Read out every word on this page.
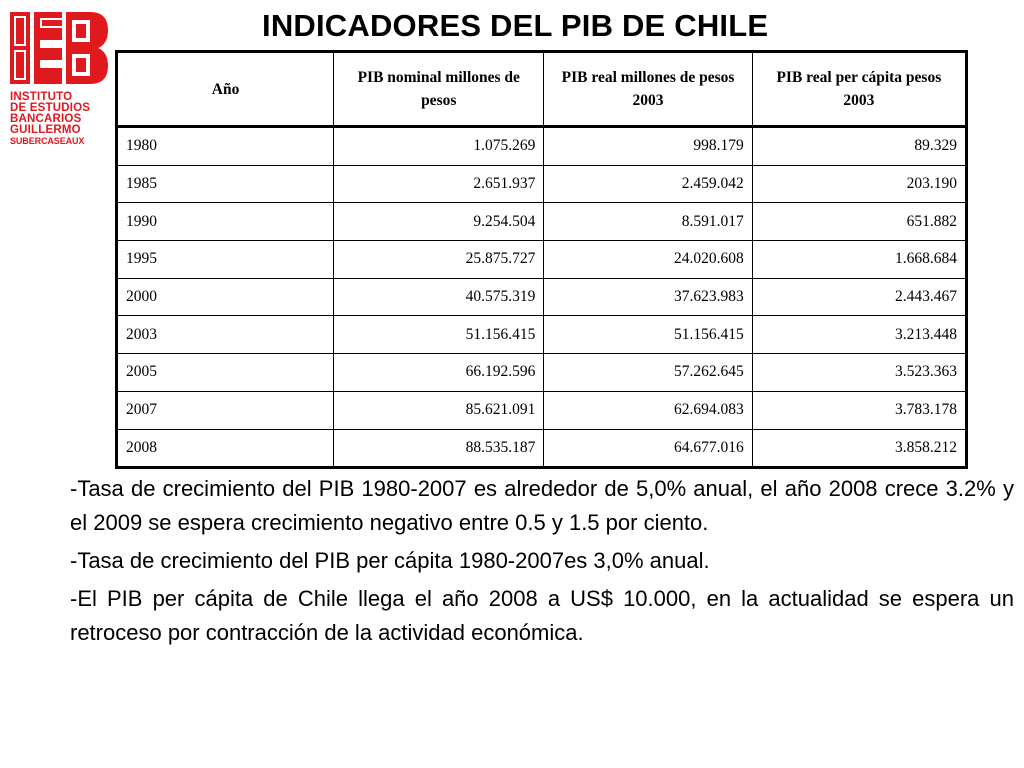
INSTITUTO
DE ESTUDIOS
BANCARIOS
GUILLERMO
SUBERCASEAUX
INDICADORES DEL PIB DE CHILE
Año	PIB nominal millones de pesos	PIB real millones de pesos 2003	PIB real per cápita pesos 2003
1980	1.075.269	998.179	89.329
1985	2.651.937	2.459.042	203.190
1990	9.254.504	8.591.017	651.882
1995	25.875.727	24.020.608	1.668.684
2000	40.575.319	37.623.983	2.443.467
2003	51.156.415	51.156.415	3.213.448
2005	66.192.596	57.262.645	3.523.363
2007	85.621.091	62.694.083	3.783.178
2008	88.535.187	64.677.016	3.858.212

-Tasa de crecimiento del PIB 1980-2007 es alrededor de 5,0% anual, el año 2008 crece 3.2% y el 2009 se espera crecimiento negativo entre 0.5 y 1.5 por ciento.

-Tasa de crecimiento del PIB per cápita 1980-2007es 3,0% anual.

-El PIB per cápita de Chile llega el año 2008 a US$ 10.000, en la actualidad se espera un retroceso por contracción de la actividad económica.
